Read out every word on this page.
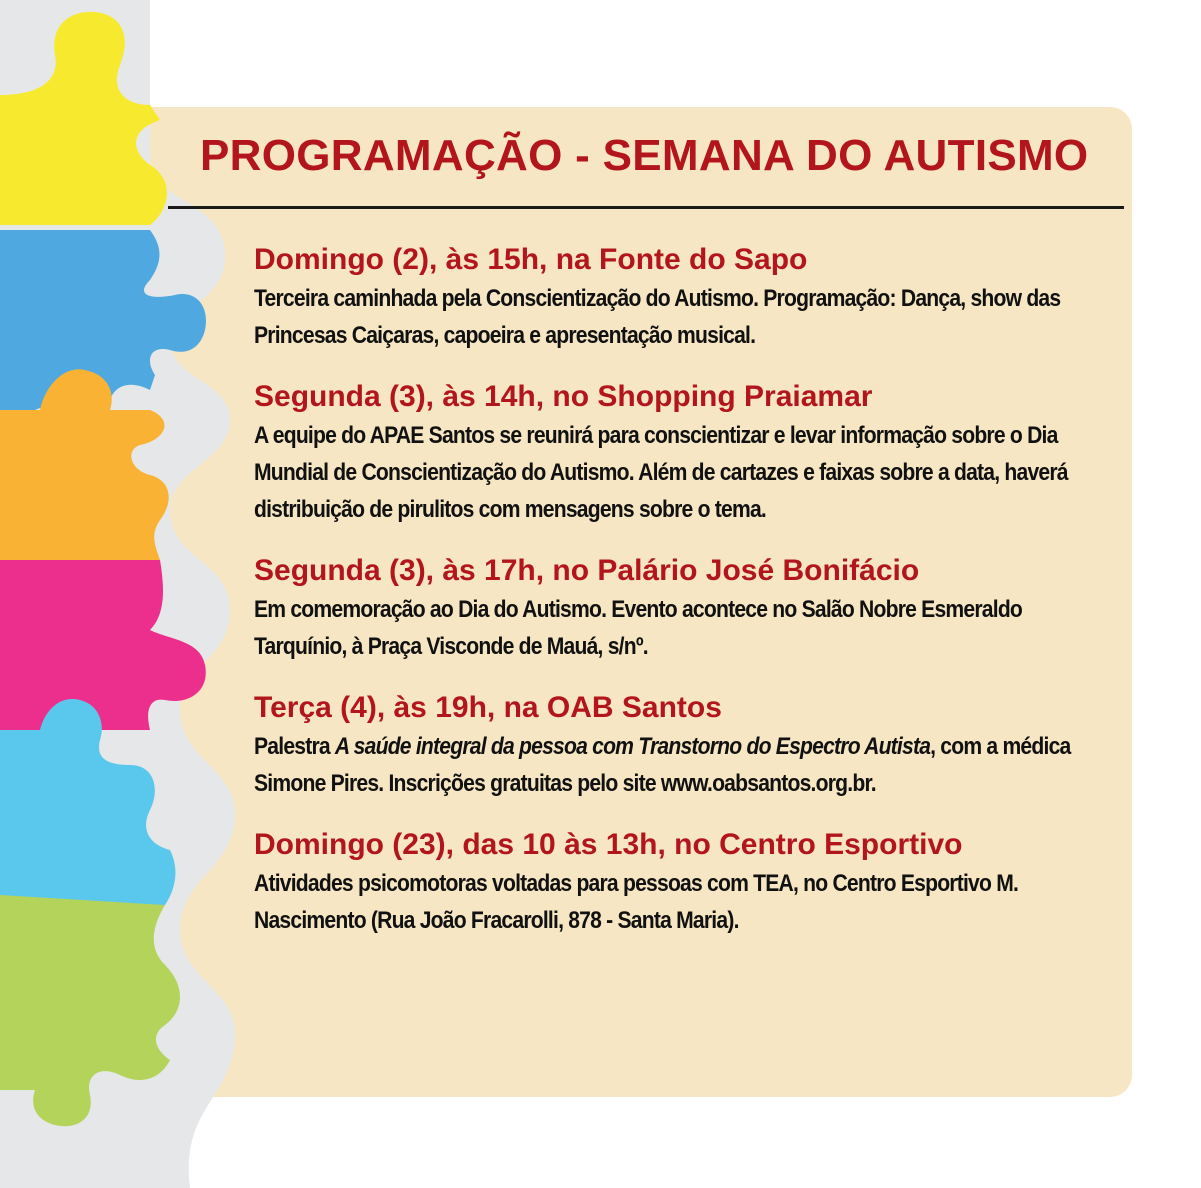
PROGRAMAÇÃO - SEMANA DO AUTISMO
Domingo (2), às 15h, na Fonte do Sapo
Terceira caminhada pela Conscientização do Autismo. Programação: Dança, show das Princesas Caiçaras, capoeira e apresentação musical.
Segunda (3), às 14h, no Shopping Praiamar
A equipe do APAE Santos se reunirá para conscientizar e levar informação sobre o Dia Mundial de Conscientização do Autismo. Além de cartazes e faixas sobre a data, haverá distribuição de pirulitos com mensagens sobre o tema.
Segunda (3), às 17h, no Palário José Bonifácio
Em comemoração ao Dia do Autismo. Evento acontece no Salão Nobre Esmeraldo Tarquínio, à Praça Visconde de Mauá, s/nº.
Terça (4), às 19h, na OAB Santos
Palestra A saúde integral da pessoa com Transtorno do Espectro Autista, com a médica Simone Pires. Inscrições gratuitas pelo site www.oabsantos.org.br.
Domingo (23), das 10 às 13h, no Centro Esportivo
Atividades psicomotoras voltadas para pessoas com TEA, no Centro Esportivo M. Nascimento (Rua João Fracarolli, 878 - Santa Maria).
